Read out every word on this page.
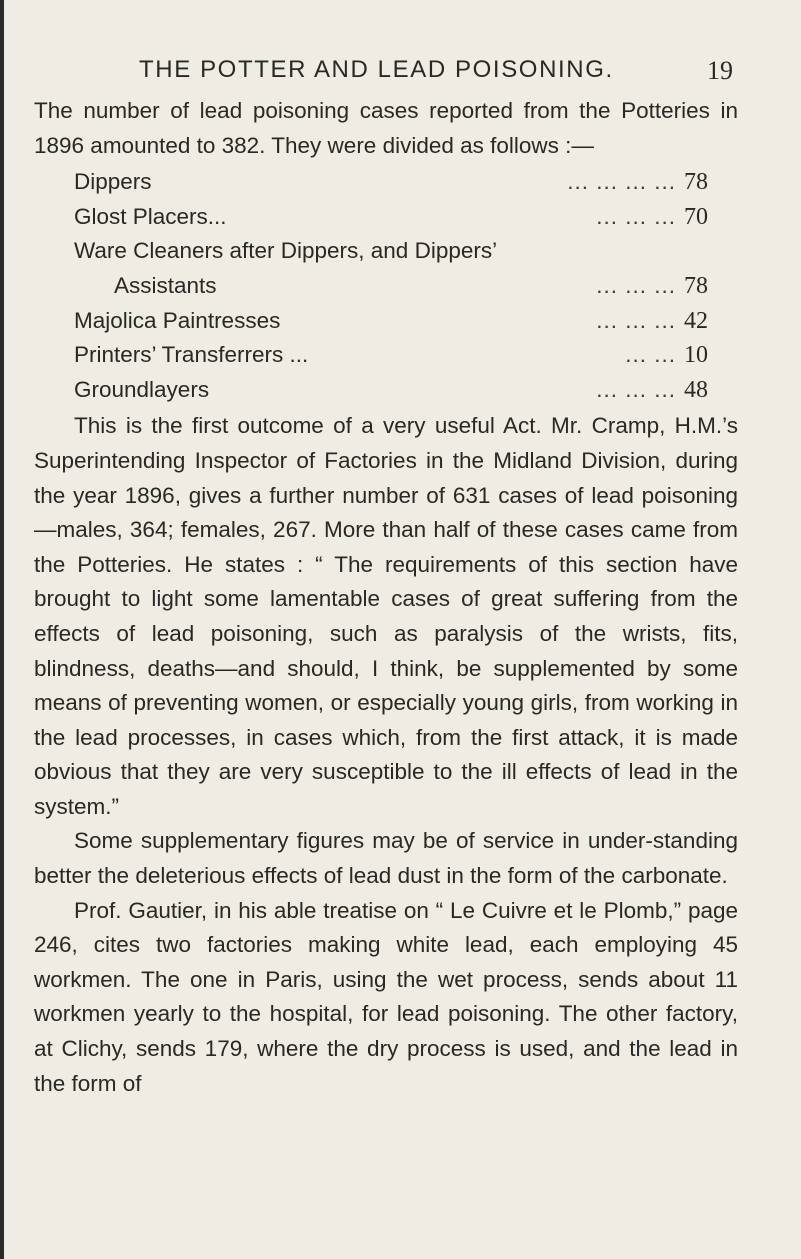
THE POTTER AND LEAD POISONING.	19

The number of lead poisoning cases reported from the Potteries in 1896 amounted to 382. They were divided as follows :—

Dippers	... ... ... ... 78
Glost Placers...	... ... ... 70
Ware Cleaners after Dippers, and Dippers’
Assistants	... ... ... 78
Majolica Paintresses	... ... ... 42
Printers’ Transferrers ...	... ... 10
Groundlayers	... ... ... 48

This is the first outcome of a very useful Act. Mr. Cramp, H.M.’s Superintending Inspector of Factories in the Midland Division, during the year 1896, gives a further number of 631 cases of lead poisoning—males, 364; females, 267. More than half of these cases came from the Potteries. He states : “ The requirements of this section have brought to light some lamentable cases of great suffering from the effects of lead poisoning, such as paralysis of the wrists, fits, blindness, deaths—and should, I think, be supplemented by some means of preventing women, or especially young girls, from working in the lead processes, in cases which, from the first attack, it is made obvious that they are very susceptible to the ill effects of lead in the system.”

Some supplementary figures may be of service in under-standing better the deleterious effects of lead dust in the form of the carbonate.

Prof. Gautier, in his able treatise on “ Le Cuivre et le Plomb,” page 246, cites two factories making white lead, each employing 45 workmen. The one in Paris, using the wet process, sends about 11 workmen yearly to the hospital, for lead poisoning. The other factory, at Clichy, sends 179, where the dry process is used, and the lead in the form of
